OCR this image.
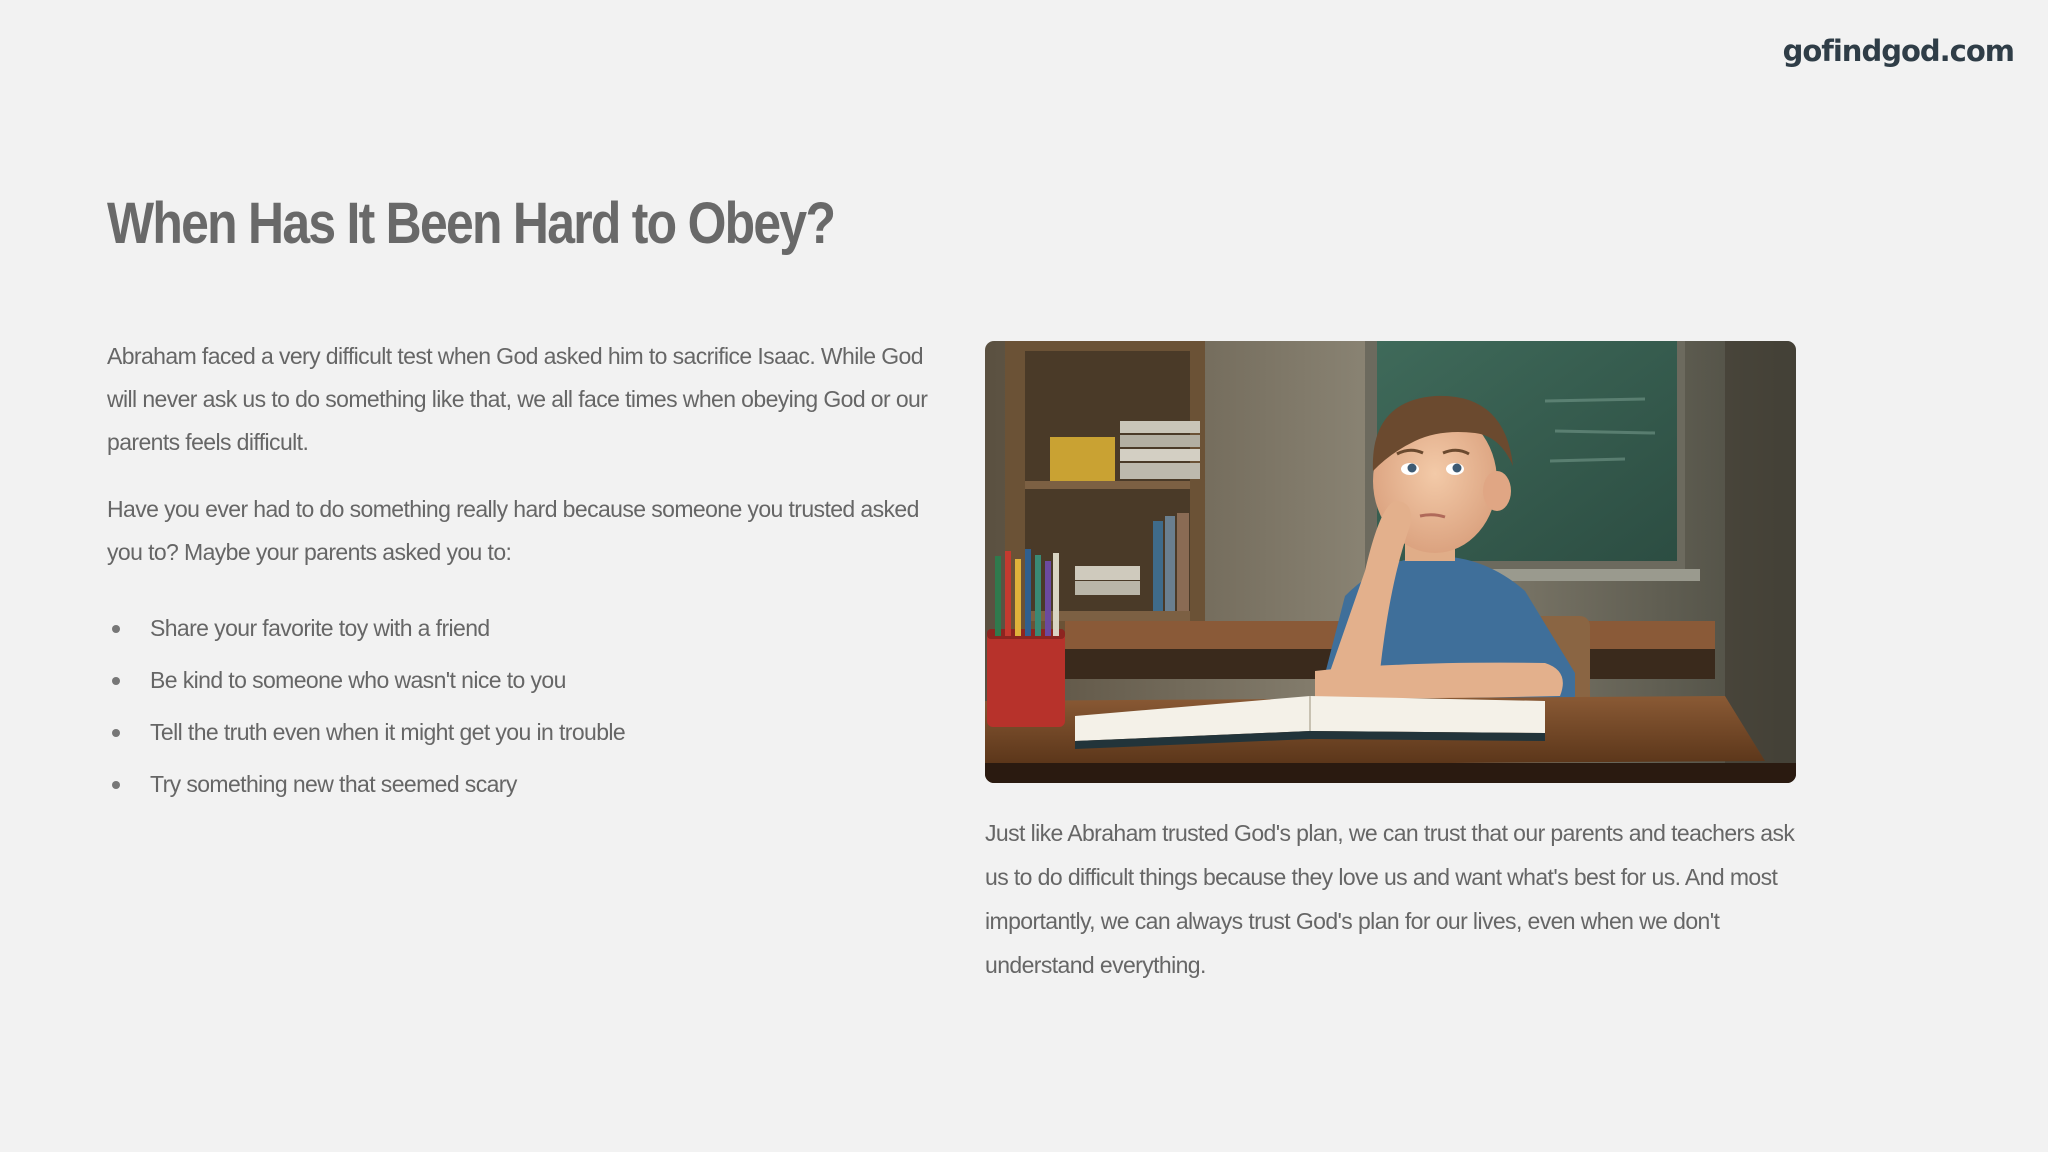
gofindgod.com
When Has It Been Hard to Obey?

Abraham faced a very difficult test when God asked him to sacrifice Isaac. While God will never ask us to do something like that, we all face times when obeying God or our parents feels difficult.

Have you ever had to do something really hard because someone you trusted asked you to? Maybe your parents asked you to:

Share your favorite toy with a friend
Be kind to someone who wasn't nice to you
Tell the truth even when it might get you in trouble
Try something new that seemed scary

Just like Abraham trusted God's plan, we can trust that our parents and teachers ask us to do difficult things because they love us and want what's best for us. And most importantly, we can always trust God's plan for our lives, even when we don't understand everything.
